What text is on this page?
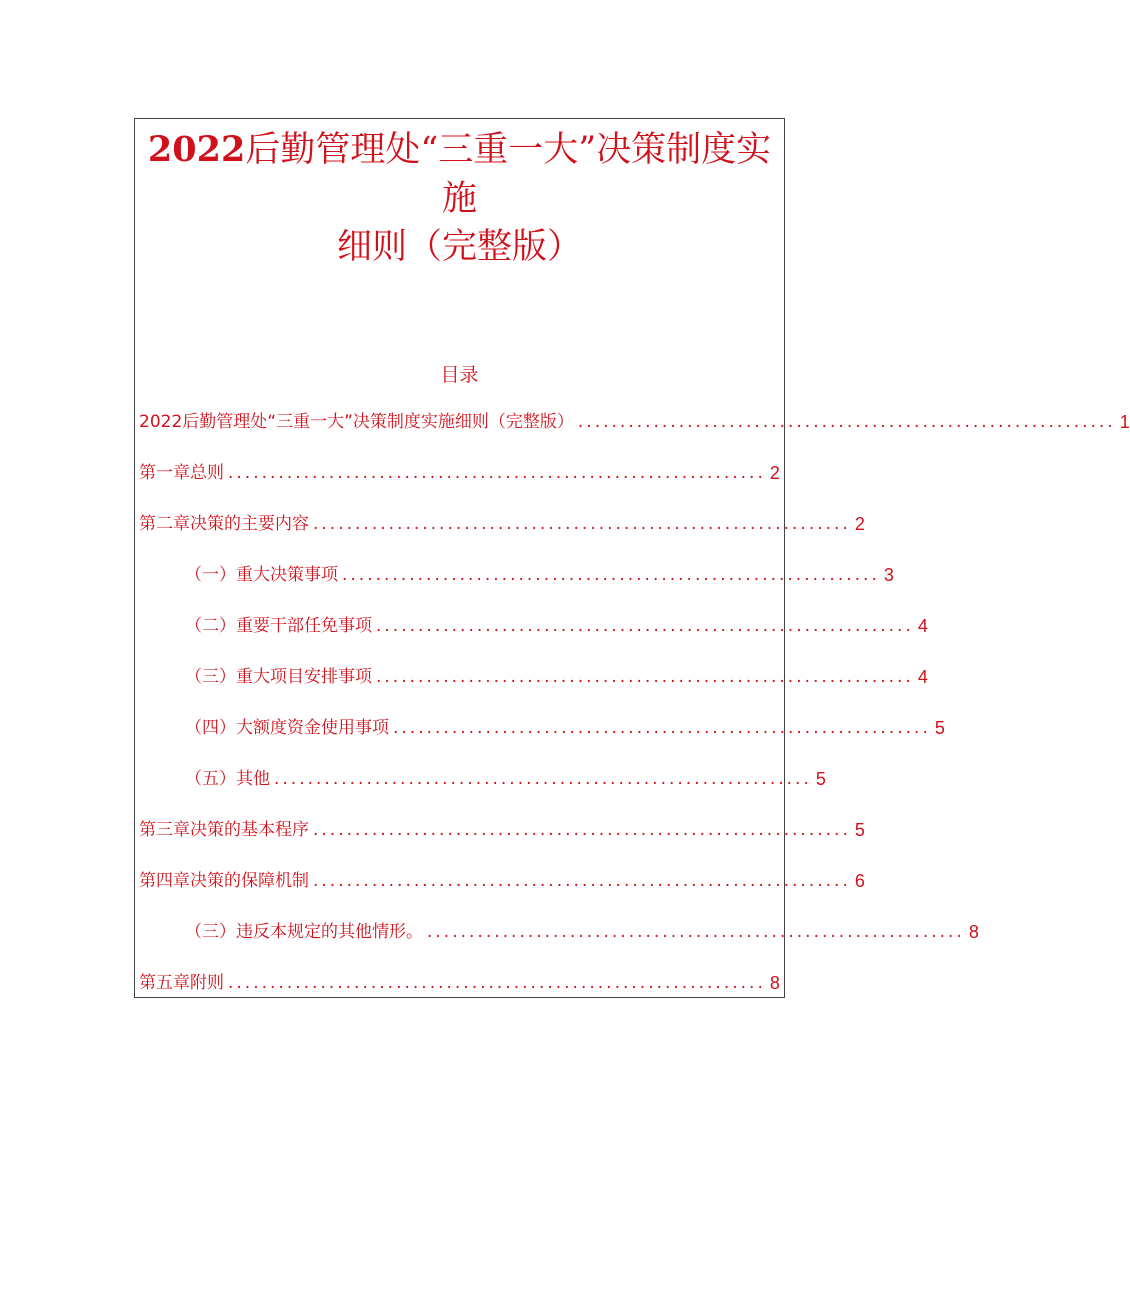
2022后勤管理处“三重一大”决策制度实
施
细则（完整版）
目录
2022后勤管理处“三重一大”决策制度实施细则（完整版） ................................................................ 1
第一章总则 ................................................................ 2
第二章决策的主要内容 ................................................................ 2
（一）重大决策事项 ................................................................ 3
（二）重要干部任免事项 ................................................................ 4
（三）重大项目安排事项 ................................................................ 4
（四）大额度资金使用事项 ................................................................ 5
（五）其他 ................................................................ 5
第三章决策的基本程序 ................................................................ 5
第四章决策的保障机制 ................................................................ 6
（三）违反本规定的其他情形。 ................................................................ 8
第五章附则 ................................................................ 8
